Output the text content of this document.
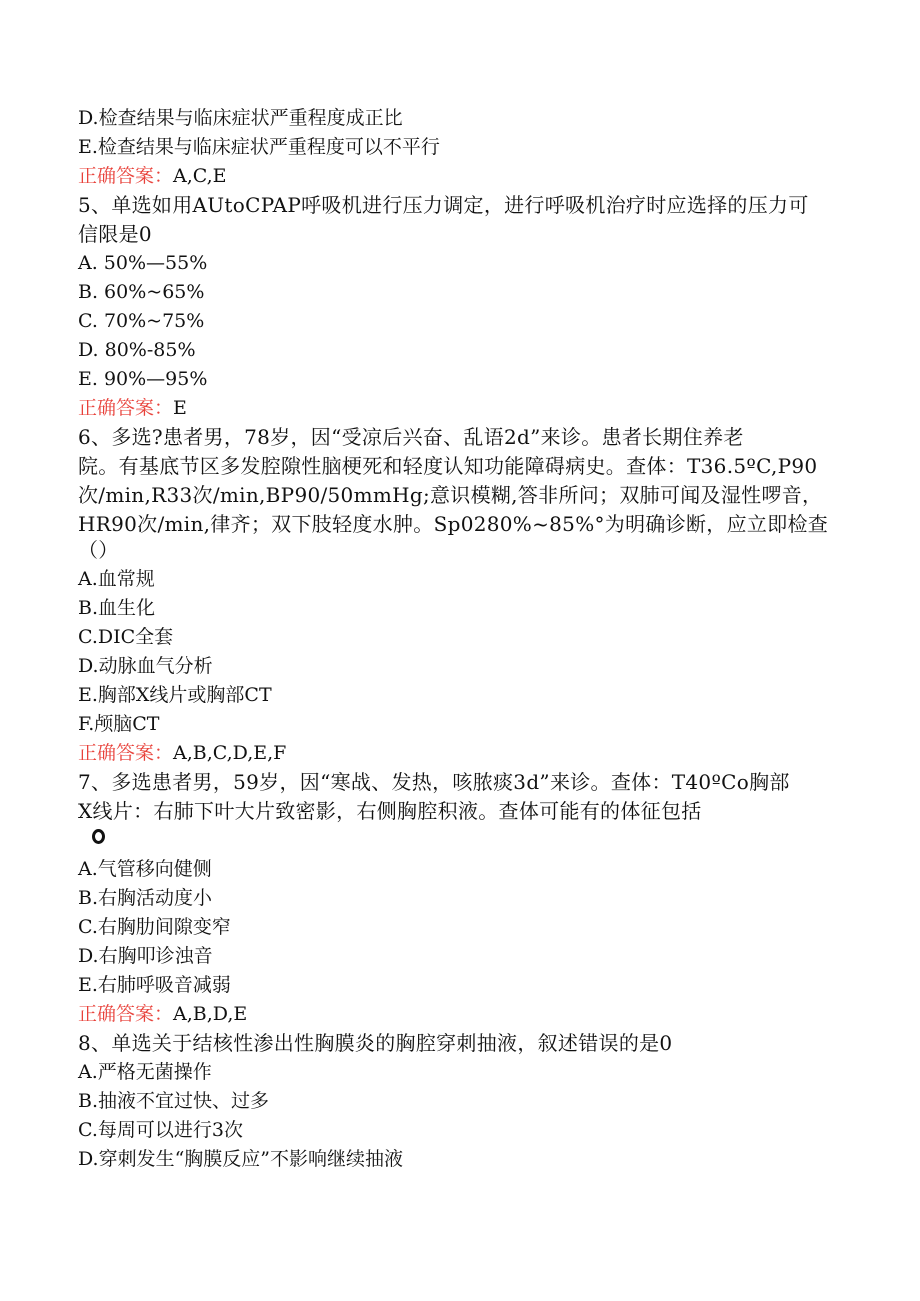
D.检查结果与临床症状严重程度成正比
E.检查结果与临床症状严重程度可以不平行
正确答案：A,C,E
5、单选如用AUtoCPAP呼吸机进行压力调定，进行呼吸机治疗时应选择的压力可
信限是0
A. 50%—55%
B. 60%~65%
C. 70%~75%
D. 80%-85%
E. 90%—95%
正确答案：E
6、多选?患者男，78岁，因“受凉后兴奋、乱语2d”来诊。患者长期住养老
院。有基底节区多发腔隙性脑梗死和轻度认知功能障碍病史。查体：T36.5ºC,P90
次/min,R33次/min,BP90/50mmHg;意识模糊,答非所问；双肺可闻及湿性啰音，
HR90次/min,律齐；双下肢轻度水肿。Sp0280%~85%°为明确诊断，应立即检查
（）
A.血常规
B.血生化
C.DIC全套
D.动脉血气分析
E.胸部X线片或胸部CT
F.颅脑CT
正确答案：A,B,C,D,E,F
7、多选患者男，59岁，因“寒战、发热，咳脓痰3d”来诊。查体：T40ºCo胸部
X线片：右肺下叶大片致密影，右侧胸腔积液。查体可能有的体征包括
A.气管移向健侧
B.右胸活动度小
C.右胸肋间隙变窄
D.右胸叩诊浊音
E.右肺呼吸音减弱
正确答案：A,B,D,E
8、单选关于结核性渗出性胸膜炎的胸腔穿刺抽液，叙述错误的是0
A.严格无菌操作
B.抽液不宜过快、过多
C.每周可以进行3次
D.穿刺发生“胸膜反应”不影响继续抽液
